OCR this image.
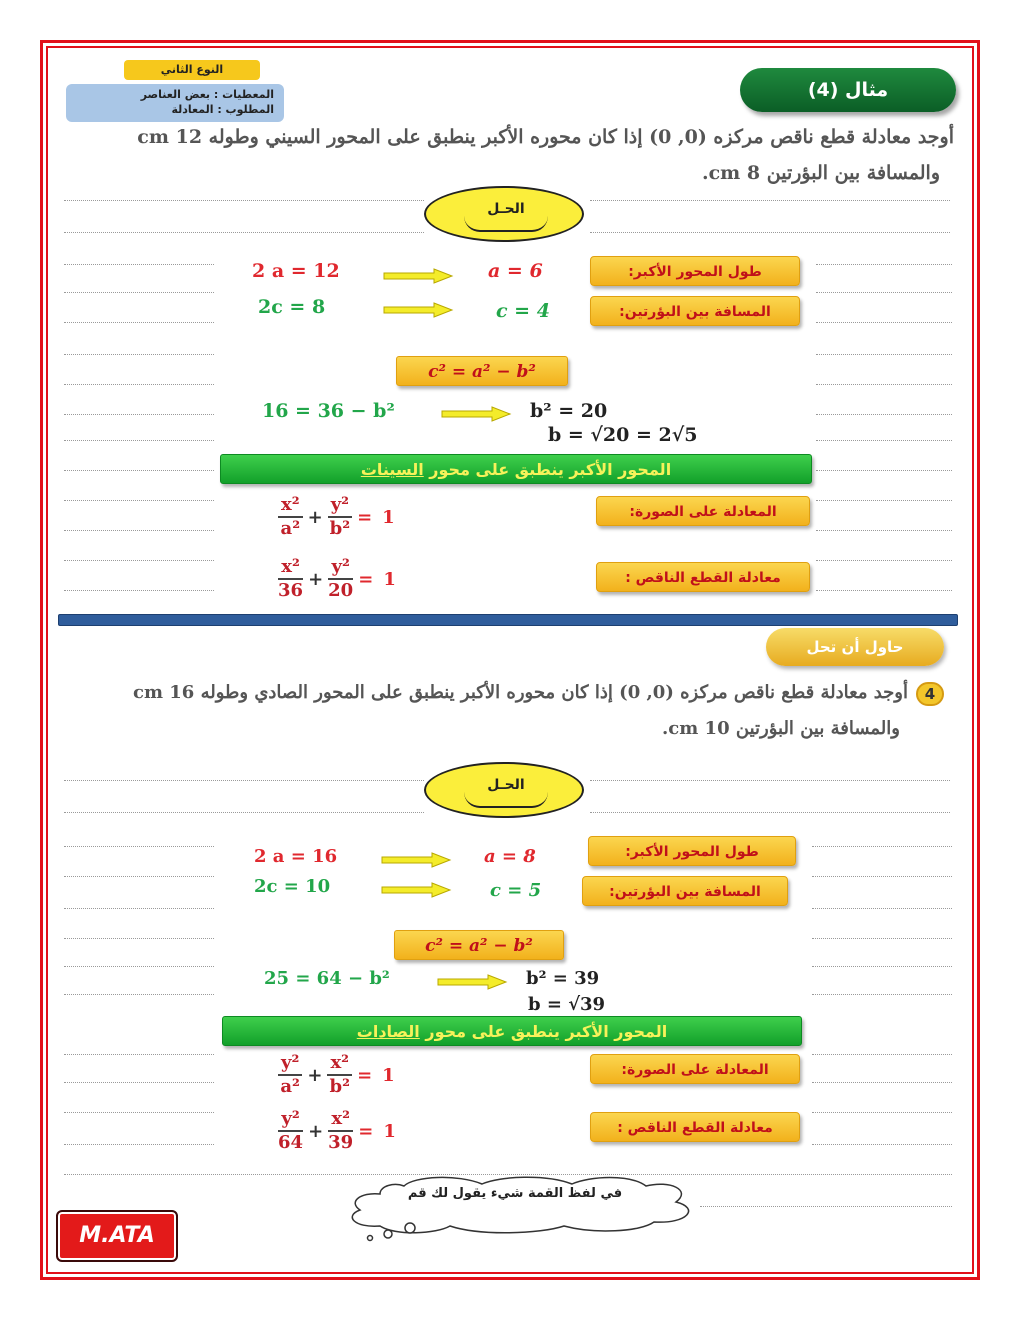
النوع الثاني
المعطيات : بعض العناصر
المطلوب : المعادلة
مثال (4)
أوجد معادلة قطع ناقص مركزه (0, 0) إذا كان محوره الأكبر ينطبق على المحور السيني وطوله 12 cm
والمسافة بين البؤرتين 8 cm.
الحـل
2 a = 12	a = 6	طول المحور الأكبر:
2c = 8	c = 4	المسافة بين البؤرتين:
c² = a² − b²
16 = 36 − b²	b² = 20
b = √20 = 2√5
المحور الأكبر ينطبق على محور السينات
$\frac{\text{x²}}{\text{a²}} + \frac{\text{y²}}{\text{b²}} = 1$	المعادلة على الصورة:
$\frac{\text{x²}}{36} + \frac{\text{y²}}{20} = 1$	معادلة القطع الناقص :
حاول أن تحل
4
أوجد معادلة قطع ناقص مركزه (0, 0) إذا كان محوره الأكبر ينطبق على المحور الصادي وطوله 16 cm
والمسافة بين البؤرتين 10 cm.
الحـل
2 a = 16	a = 8	طول المحور الأكبر:
2c = 10	c = 5	المسافة بين البؤرتين:
c² = a² − b²
25 = 64 − b²	b² = 39
b = √39
المحور الأكبر ينطبق على محور الصادات
$\frac{\text{y²}}{\text{a²}} + \frac{\text{x²}}{\text{b²}} = 1$	المعادلة على الصورة:
$\frac{\text{y²}}{64} + \frac{\text{x²}}{39} = 1$	معادلة القطع الناقص :
في لفظ القمة شيء يقول لك قم
M.ATA
